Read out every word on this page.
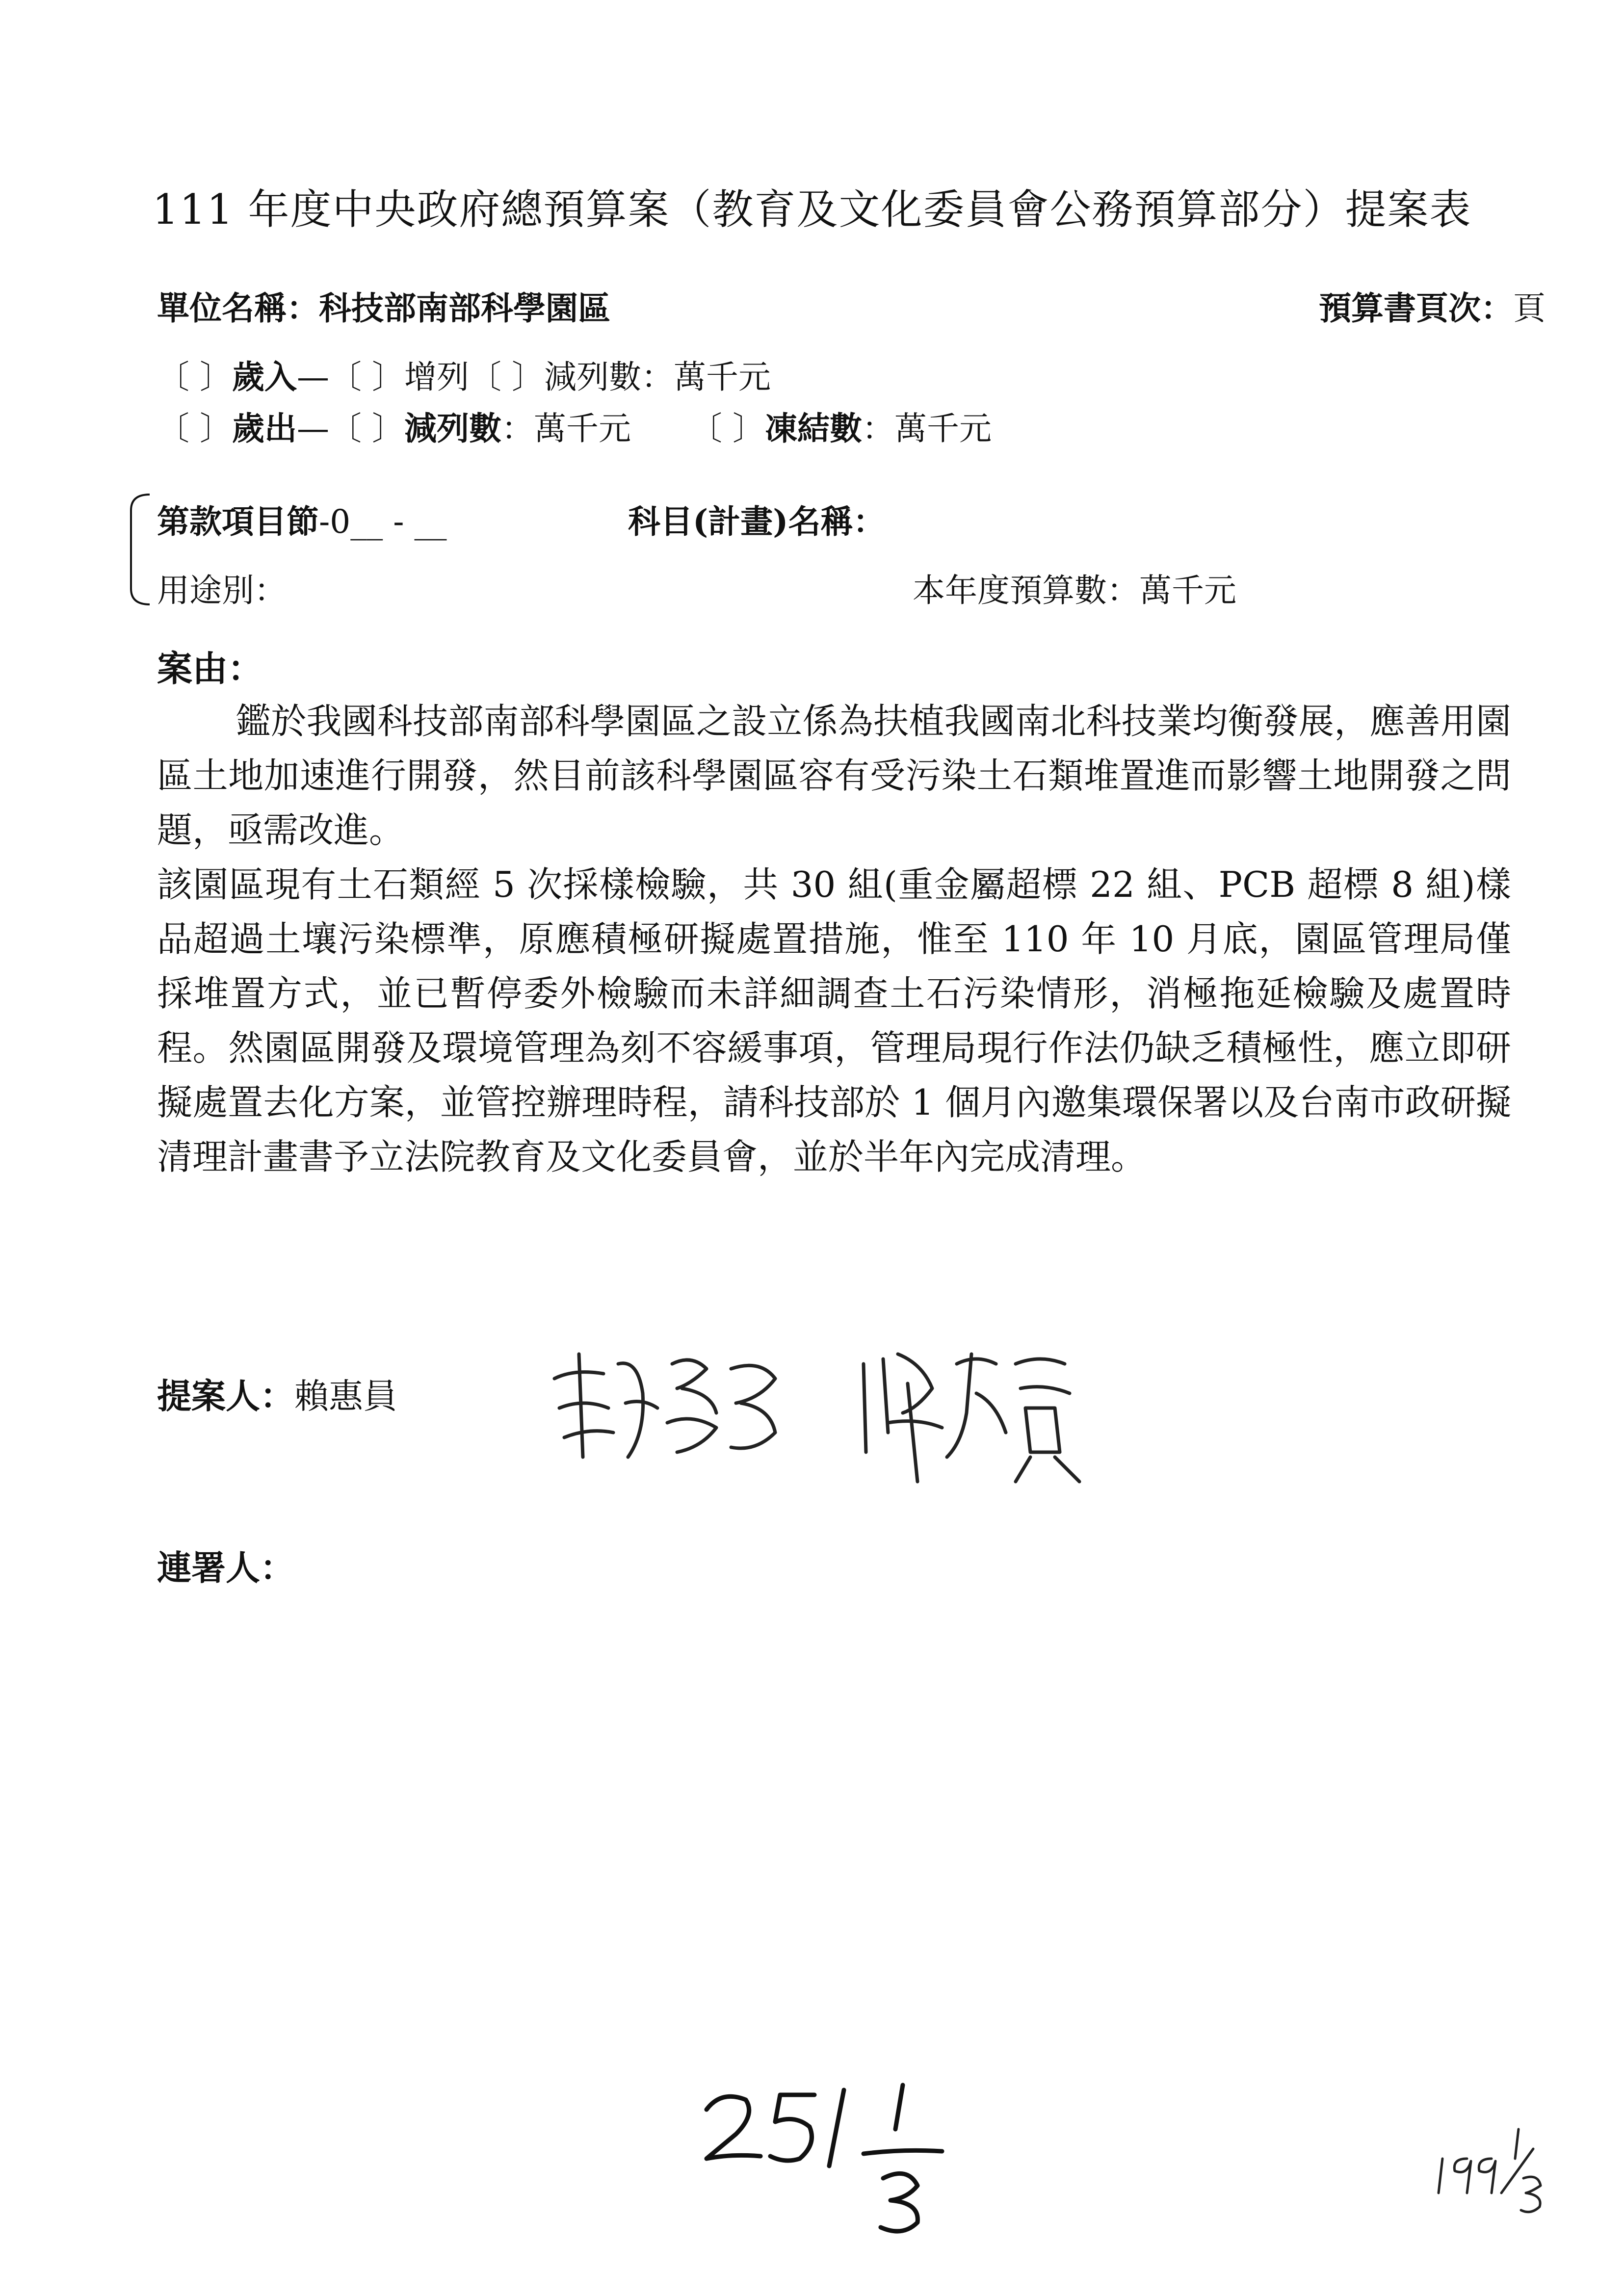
111 年度中央政府總預算案（教育及文化委員會公務預算部分）提案表
單位名稱：科技部南部科學園區	預算書頁次：頁
〔 〕歲入—〔 〕增列〔 〕減列數：萬千元
〔 〕歲出—〔 〕減列數：萬千元 〔 〕凍結數：萬千元
第款項目節-0__ - __	科目(計畫)名稱：
用途別：	本年度預算數：萬千元
案由：

鑑於我國科技部南部科學園區之設立係為扶植我國南北科技業均衡發展，應善用園區土地加速進行開發，然目前該科學園區容有受污染土石類堆置進而影響土地開發之問題，亟需改進。

該園區現有土石類經 5 次採樣檢驗，共 30 組(重金屬超標 22 組、PCB 超標 8 組)樣品超過土壤污染標準，原應積極研擬處置措施，惟至 110 年 10 月底，園區管理局僅採堆置方式，並已暫停委外檢驗而未詳細調查土石污染情形，消極拖延檢驗及處置時程。然園區開發及環境管理為刻不容緩事項，管理局現行作法仍缺乏積極性，應立即研擬處置去化方案，並管控辦理時程，請科技部於 1 個月內邀集環保署以及台南市政研擬清理計畫書予立法院教育及文化委員會，並於半年內完成清理。

提案人：賴惠員
連署人：
